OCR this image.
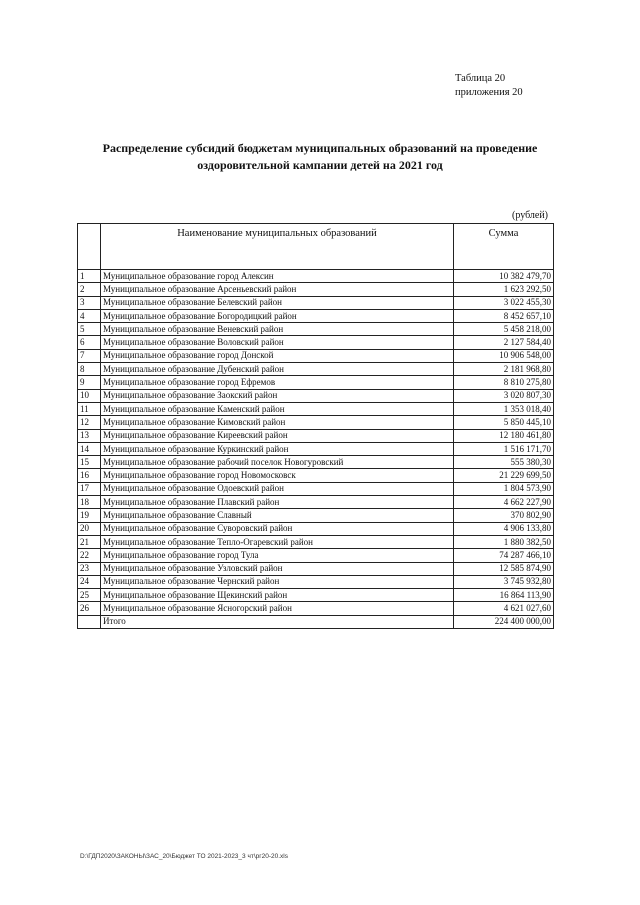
Таблица 20
приложения 20
Распределение субсидий бюджетам муниципальных образований на проведение
оздоровительной кампании детей на 2021 год
(рублей)
	Наименование муниципальных образований	Сумма
1	Муниципальное образование город Алексин	10 382 479,70
2	Муниципальное образование Арсеньевский район	1 623 292,50
3	Муниципальное образование Белевский район	3 022 455,30
4	Муниципальное образование Богородицкий район	8 452 657,10
5	Муниципальное образование Веневский район	5 458 218,00
6	Муниципальное образование Воловский район	2 127 584,40
7	Муниципальное образование город Донской	10 906 548,00
8	Муниципальное образование Дубенский район	2 181 968,80
9	Муниципальное образование город Ефремов	8 810 275,80
10	Муниципальное образование Заокский район	3 020 807,30
11	Муниципальное образование Каменский район	1 353 018,40
12	Муниципальное образование Кимовский район	5 850 445,10
13	Муниципальное образование Киреевский район	12 180 461,80
14	Муниципальное образование Куркинский район	1 516 171,70
15	Муниципальное образование рабочий поселок Новогуровский	555 380,30
16	Муниципальное образование город Новомосковск	21 229 699,50
17	Муниципальное образование Одоевский район	1 804 573,90
18	Муниципальное образование Плавский район	4 662 227,90
19	Муниципальное образование Славный	370 802,90
20	Муниципальное образование Суворовский район	4 906 133,80
21	Муниципальное образование Тепло-Огаревский район	1 880 382,50
22	Муниципальное образование город Тула	74 287 466,10
23	Муниципальное образование Узловский район	12 585 874,90
24	Муниципальное образование Чернский район	3 745 932,80
25	Муниципальное образование Щекинский район	16 864 113,90
26	Муниципальное образование Ясногорский район	4 621 027,60
	Итого	224 400 000,00
D:\ГДП2020\ЗАКОНЫ\ЗАС_20\Бюджет ТО 2021-2023_3 чт\рг20-20.xls
